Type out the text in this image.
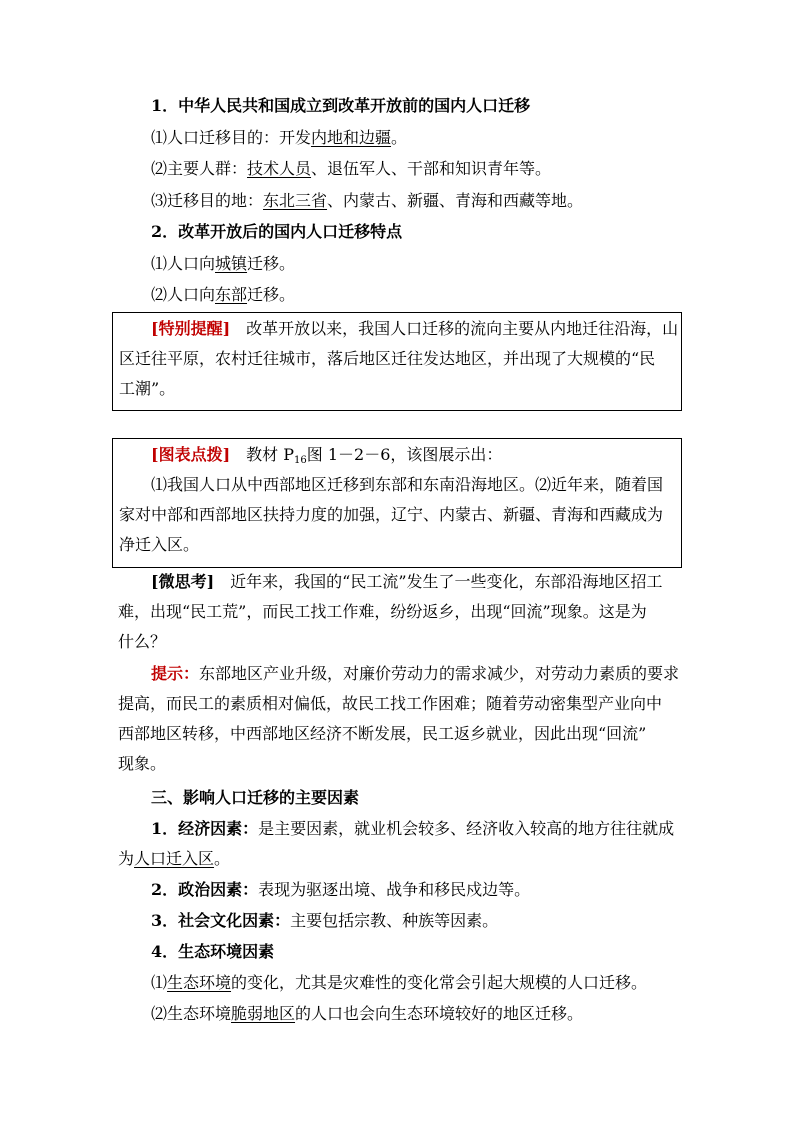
1．中华人民共和国成立到改革开放前的国内人口迁移
⑴人口迁移目的：开发内地和边疆。
⑵主要人群：技术人员、退伍军人、干部和知识青年等。
⑶迁移目的地：东北三省、内蒙古、新疆、青海和西藏等地。
2．改革开放后的国内人口迁移特点
⑴人口向城镇迁移。
⑵人口向东部迁移。
[特别提醒]　改革开放以来，我国人口迁移的流向主要从内地迁往沿海，山
区迁往平原，农村迁往城市，落后地区迁往发达地区，并出现了大规模的“民
工潮”。
[图表点拨]　教材 $P_{16}$图 1－2－6，该图展示出：
⑴我国人口从中西部地区迁移到东部和东南沿海地区。⑵近年来，随着国
家对中部和西部地区扶持力度的加强，辽宁、内蒙古、新疆、青海和西藏成为
净迁入区。
[微思考]　近年来，我国的“民工流”发生了一些变化，东部沿海地区招工
难，出现“民工荒”，而民工找工作难，纷纷返乡，出现“回流”现象。这是为
什么？
提示：东部地区产业升级，对廉价劳动力的需求减少，对劳动力素质的要求
提高，而民工的素质相对偏低，故民工找工作困难；随着劳动密集型产业向中
西部地区转移，中西部地区经济不断发展，民工返乡就业，因此出现“回流”
现象。
三、影响人口迁移的主要因素
1．经济因素：是主要因素，就业机会较多、经济收入较高的地方往往就成
为人口迁入区。
2．政治因素：表现为驱逐出境、战争和移民戍边等。
3．社会文化因素：主要包括宗教、种族等因素。
4．生态环境因素
⑴生态环境的变化，尤其是灾难性的变化常会引起大规模的人口迁移。
⑵生态环境脆弱地区的人口也会向生态环境较好的地区迁移。
